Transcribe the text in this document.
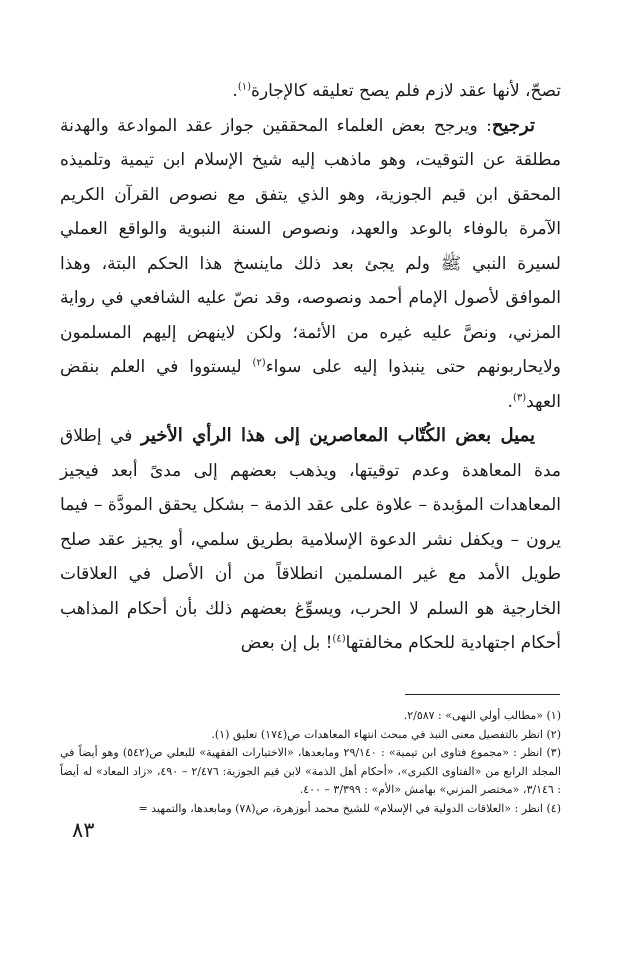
تصحّ، لأنها عقد لازم فلم يصح تعليقه كالإجارة$^{(١)}$.

ترجيح: ويرجح بعض العلماء المحققين جواز عقد الموادعة والهدنة مطلقة عن التوقيت، وهو ماذهب إليه شيخ الإسلام ابن تيمية وتلميذه المحقق ابن قيم الجوزية، وهو الذي يتفق مع نصوص القرآن الكريم الآمرة بالوفاء بالوعد والعهد، ونصوص السنة النبوية والواقع العملي لسيرة النبي ﷺ ولم يجئ بعد ذلك ماينسخ هذا الحكم البتة، وهذا الموافق لأصول الإمام أحمد ونصوصه، وقد نصّ عليه الشافعي في رواية المزني، ونصَّ عليه غيره من الأئمة؛ ولكن لاينهض إليهم المسلمون ولايحاربونهم حتى ينبذوا إليه على سواء$^{(٢)}$ ليستووا في العلم بنقض العهد$^{(٣)}$.

يميل بعض الكُتّاب المعاصرين إلى هذا الرأي الأخير في إطلاق مدة المعاهدة وعدم توقيتها، ويذهب بعضهم إلى مدىً أبعد فيجيز المعاهدات المؤبدة – علاوة على عقد الذمة – بشكل يحقق المودَّة – فيما يرون – ويكفل نشر الدعوة الإسلامية بطريق سلمي، أو يجيز عقد صلح طويل الأمد مع غير المسلمين انطلاقاً من أن الأصل في العلاقات الخارجية هو السلم لا الحرب، ويسوِّغ بعضهم ذلك بأن أحكام المذاهب أحكام اجتهادية للحكام مخالفتها$^{(٤)}$! بل إن بعض

(١) «مطالب أولي النهى» : ٢/٥٨٧.

(٢) انظر بالتفصيل معنى النبذ في مبحث انتهاء المعاهدات ص(١٧٤) تعليق (١).

(٣) انظر : «مجموع فتاوى ابن تيمية» : ٢٩/١٤٠ ومابعدها، «الاختيارات الفقهية» للبعلي ص(٥٤٢) وهو أيضاً في المجلد الرابع من «الفتاوى الكبرى»، «أحكام أهل الذمة» لابن قيم الجوزية: ٢/٤٧٦ – ٤٩٠، «زاد المعاد» له أيضاً : ٣/١٤٦، «مختصر المزني» بهامش «الأم» : ٣/٣٩٩ – ٤٠٠.

(٤) انظر : «العلاقات الدولية في الإسلام» للشيخ محمد أبوزهرة، ص(٧٨) ومابعدها، والتمهيد =

٨٣
